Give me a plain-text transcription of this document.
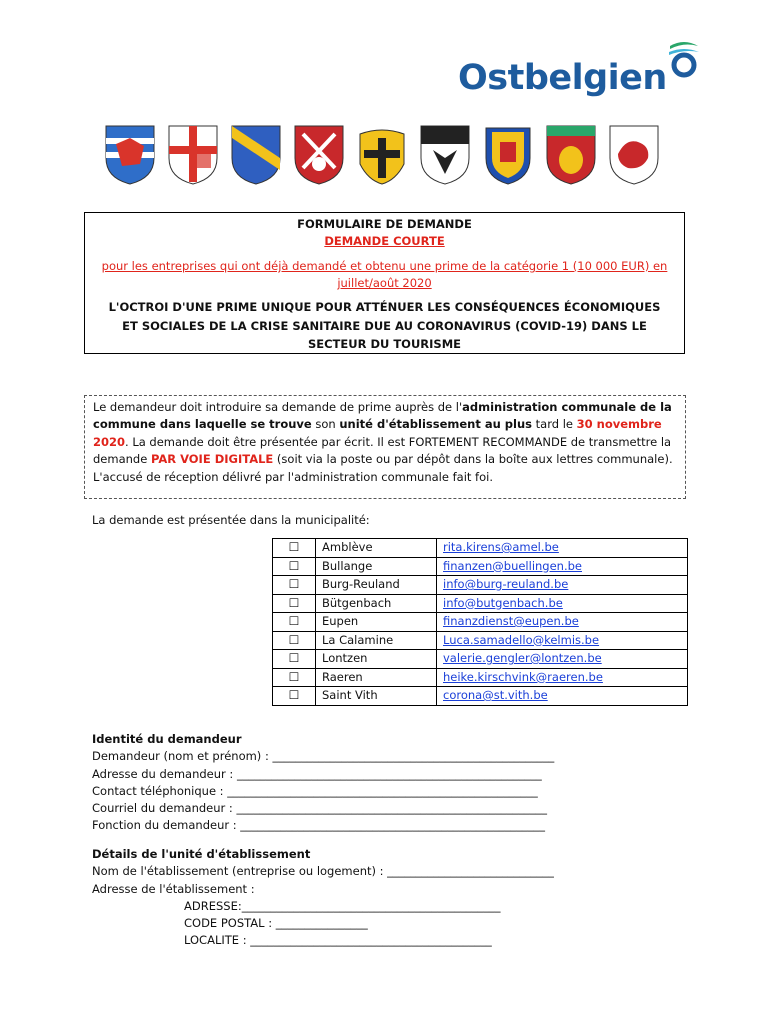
Ostbelgien
FORMULAIRE DE DEMANDE
DEMANDE COURTE
pour les entreprises qui ont déjà demandé et obtenu une prime de la catégorie 1 (10 000 EUR) en juillet/août 2020
L'OCTROI D'UNE PRIME UNIQUE POUR ATTÉNUER LES CONSÉQUENCES ÉCONOMIQUES ET SOCIALES DE LA CRISE SANITAIRE DUE AU CORONAVIRUS (COVID-19) DANS LE SECTEUR DU TOURISME
Le demandeur doit introduire sa demande de prime auprès de l'administration communale de la commune dans laquelle se trouve son unité d'établissement au plus tard le 30 novembre 2020. La demande doit être présentée par écrit. Il est FORTEMENT RECOMMANDE de transmettre la demande PAR VOIE DIGITALE (soit via la poste ou par dépôt dans la boîte aux lettres communale). L'accusé de réception délivré par l'administration communale fait foi.
La demande est présentée dans la municipalité:
☐	Amblève	rita.kirens@amel.be
☐	Bullange	finanzen@buellingen.be
☐	Burg-Reuland	info@burg-reuland.be
☐	Bütgenbach	info@butgenbach.be
☐	Eupen	finanzdienst@eupen.be
☐	La Calamine	Luca.samadello@kelmis.be
☐	Lontzen	valerie.gengler@lontzen.be
☐	Raeren	heike.kirschvink@raeren.be
☐	Saint Vith	corona@st.vith.be
Identité du demandeur
Demandeur (nom et prénom) : _________________________________________________
Adresse du demandeur : _____________________________________________________
Contact téléphonique : ______________________________________________________
Courriel du demandeur : ______________________________________________________
Fonction du demandeur : _____________________________________________________
Détails de l'unité d'établissement
Nom de l'établissement (entreprise ou logement) : _____________________________
Adresse de l'établissement :
ADRESSE:_____________________________________________
CODE POSTAL : ________________
LOCALITE : __________________________________________
